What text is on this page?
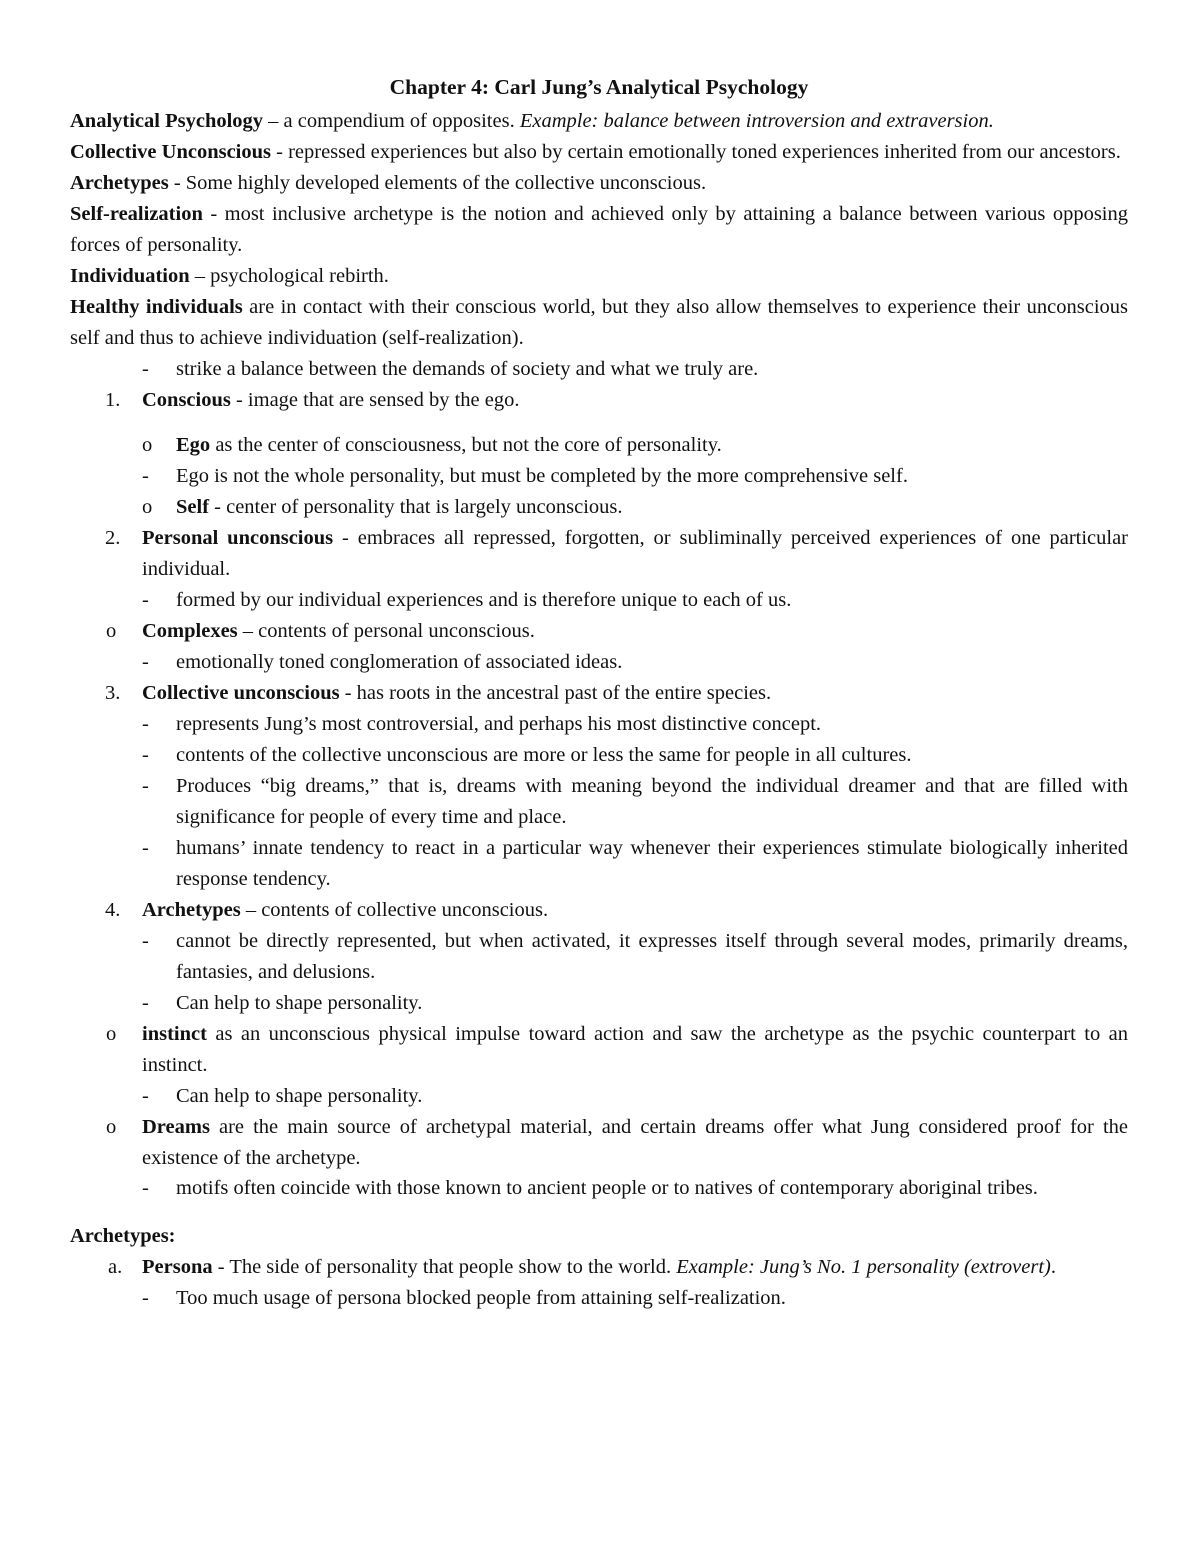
Chapter 4: Carl Jung’s Analytical Psychology

Analytical Psychology – a compendium of opposites. Example: balance between introversion and extraversion.

Collective Unconscious - repressed experiences but also by certain emotionally toned experiences inherited from our ancestors.

Archetypes - Some highly developed elements of the collective unconscious.

Self-realization - most inclusive archetype is the notion and achieved only by attaining a balance between various opposing forces of personality.

Individuation – psychological rebirth.

Healthy individuals are in contact with their conscious world, but they also allow themselves to experience their unconscious self and thus to achieve individuation (self-realization).

- strike a balance between the demands of society and what we truly are.

1. Conscious - image that are sensed by the ego.

o Ego as the center of consciousness, but not the core of personality.

- Ego is not the whole personality, but must be completed by the more comprehensive self.

o Self - center of personality that is largely unconscious.

2. Personal unconscious - embraces all repressed, forgotten, or subliminally perceived experiences of one particular individual.

- formed by our individual experiences and is therefore unique to each of us.

o Complexes – contents of personal unconscious.

- emotionally toned conglomeration of associated ideas.

3. Collective unconscious - has roots in the ancestral past of the entire species.

- represents Jung’s most controversial, and perhaps his most distinctive concept.

- contents of the collective unconscious are more or less the same for people in all cultures.

- Produces “big dreams,” that is, dreams with meaning beyond the individual dreamer and that are filled with significance for people of every time and place.

- humans’ innate tendency to react in a particular way whenever their experiences stimulate biologically inherited response tendency.

4. Archetypes – contents of collective unconscious.

- cannot be directly represented, but when activated, it expresses itself through several modes, primarily dreams, fantasies, and delusions.

- Can help to shape personality.

o instinct as an unconscious physical impulse toward action and saw the archetype as the psychic counterpart to an instinct.

- Can help to shape personality.

o Dreams are the main source of archetypal material, and certain dreams offer what Jung considered proof for the existence of the archetype.

- motifs often coincide with those known to ancient people or to natives of contemporary aboriginal tribes.

Archetypes:

a. Persona - The side of personality that people show to the world. Example: Jung’s No. 1 personality (extrovert).

- Too much usage of persona blocked people from attaining self-realization.
